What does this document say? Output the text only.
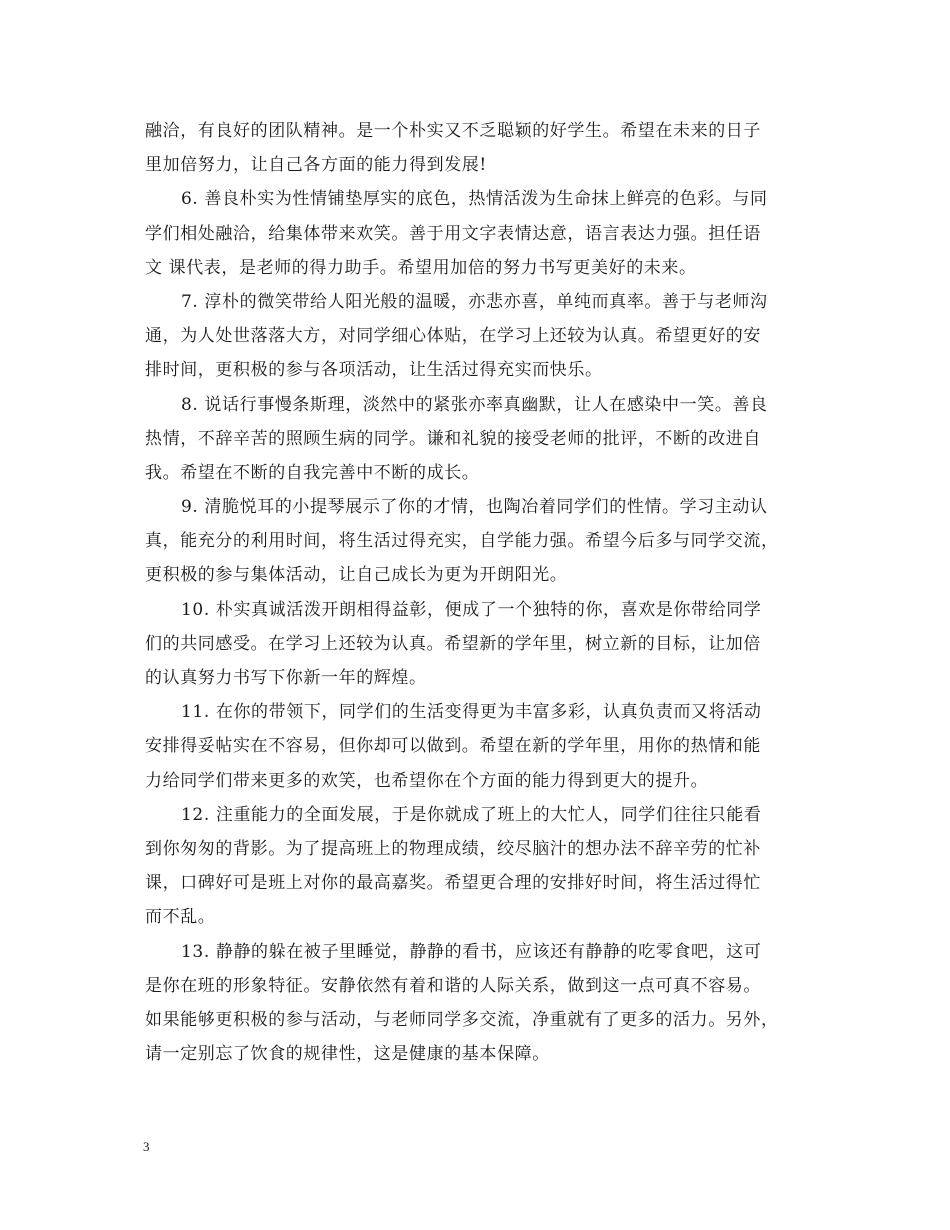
融洽，有良好的团队精神。是一个朴实又不乏聪颖的好学生。希望在未来的日子
里加倍努力，让自己各方面的能力得到发展!
6. 善良朴实为性情铺垫厚实的底色，热情活泼为生命抹上鲜亮的色彩。与同
学们相处融洽，给集体带来欢笑。善于用文字表情达意，语言表达力强。担任语
文 课代表，是老师的得力助手。希望用加倍的努力书写更美好的未来。
7. 淳朴的微笑带给人阳光般的温暖，亦悲亦喜，单纯而真率。善于与老师沟
通，为人处世落落大方，对同学细心体贴，在学习上还较为认真。希望更好的安
排时间，更积极的参与各项活动，让生活过得充实而快乐。
8. 说话行事慢条斯理，淡然中的紧张亦率真幽默，让人在感染中一笑。善良
热情，不辞辛苦的照顾生病的同学。谦和礼貌的接受老师的批评，不断的改进自
我。希望在不断的自我完善中不断的成长。
9. 清脆悦耳的小提琴展示了你的才情，也陶冶着同学们的性情。学习主动认
真，能充分的利用时间，将生活过得充实，自学能力强。希望今后多与同学交流，
更积极的参与集体活动，让自己成长为更为开朗阳光。
10. 朴实真诚活泼开朗相得益彰，便成了一个独特的你，喜欢是你带给同学
们的共同感受。在学习上还较为认真。希望新的学年里，树立新的目标，让加倍
的认真努力书写下你新一年的辉煌。
11. 在你的带领下，同学们的生活变得更为丰富多彩，认真负责而又将活动
安排得妥帖实在不容易，但你却可以做到。希望在新的学年里，用你的热情和能
力给同学们带来更多的欢笑，也希望你在个方面的能力得到更大的提升。
12. 注重能力的全面发展，于是你就成了班上的大忙人，同学们往往只能看
到你匆匆的背影。为了提高班上的物理成绩，绞尽脑汁的想办法不辞辛劳的忙补
课，口碑好可是班上对你的最高嘉奖。希望更合理的安排好时间，将生活过得忙
而不乱。
13. 静静的躲在被子里睡觉，静静的看书，应该还有静静的吃零食吧，这可
是你在班的形象特征。安静依然有着和谐的人际关系，做到这一点可真不容易。
如果能够更积极的参与活动，与老师同学多交流，净重就有了更多的活力。另外，
请一定别忘了饮食的规律性，这是健康的基本保障。
3
